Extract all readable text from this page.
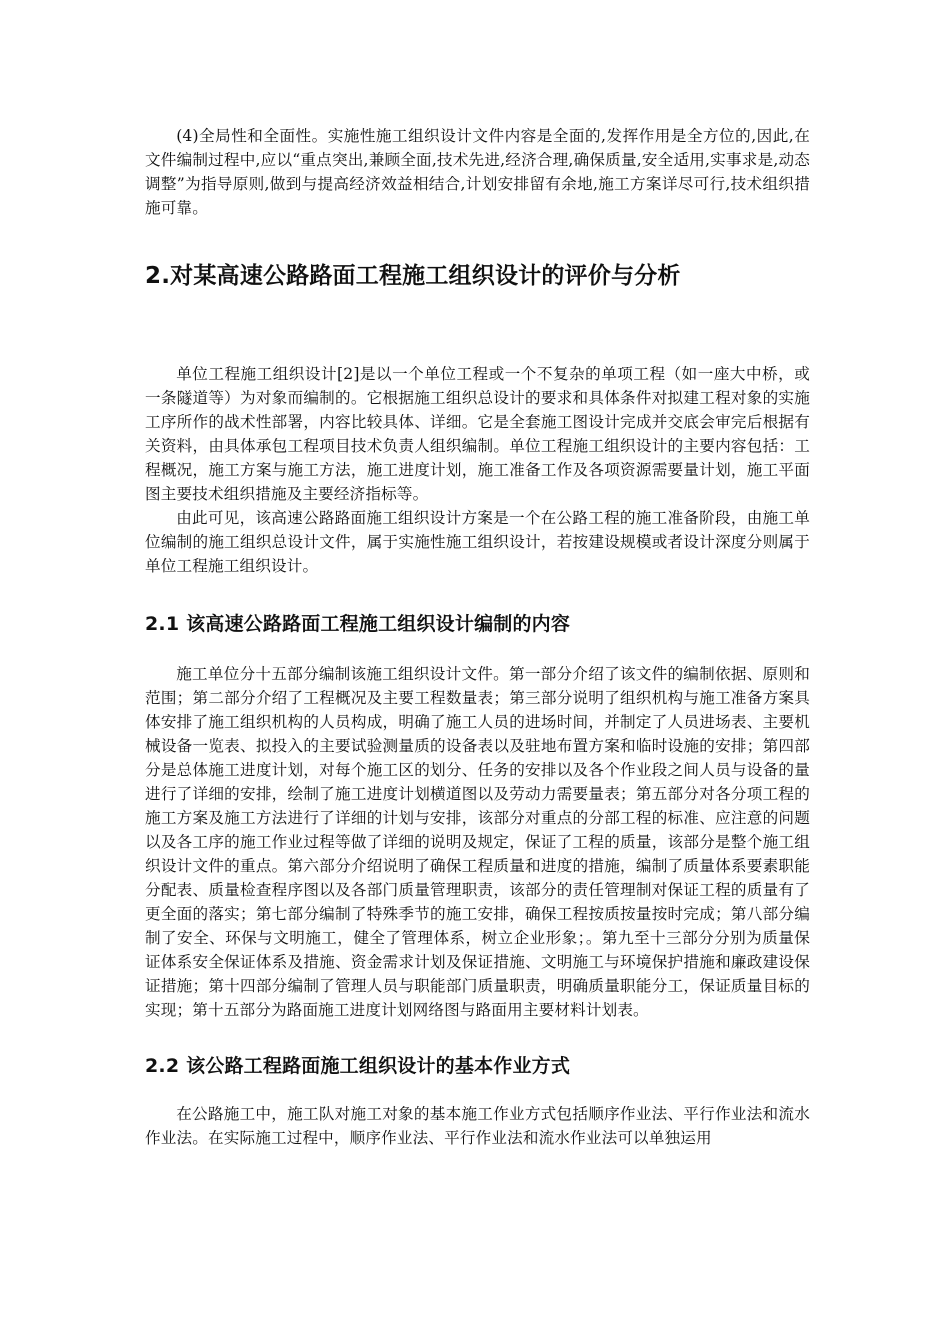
(4)全局性和全面性。实施性施工组织设计文件内容是全面的,发挥作用是全方位的,因此,在文件编制过程中,应以“重点突出,兼顾全面,技术先进,经济合理,确保质量,安全适用,实事求是,动态调整”为指导原则,做到与提高经济效益相结合,计划安排留有余地,施工方案详尽可行,技术组织措施可靠。

2.对某高速公路路面工程施工组织设计的评价与分析

单位工程施工组织设计[2]是以一个单位工程或一个不复杂的单项工程（如一座大中桥，或一条隧道等）为对象而编制的。它根据施工组织总设计的要求和具体条件对拟建工程对象的实施工序所作的战术性部署，内容比较具体、详细。它是全套施工图设计完成并交底会审完后根据有关资料，由具体承包工程项目技术负责人组织编制。单位工程施工组织设计的主要内容包括：工程概况，施工方案与施工方法，施工进度计划，施工准备工作及各项资源需要量计划，施工平面图主要技术组织措施及主要经济指标等。

由此可见，该高速公路路面施工组织设计方案是一个在公路工程的施工准备阶段，由施工单位编制的施工组织总设计文件，属于实施性施工组织设计，若按建设规模或者设计深度分则属于单位工程施工组织设计。

2.1 该高速公路路面工程施工组织设计编制的内容

施工单位分十五部分编制该施工组织设计文件。第一部分介绍了该文件的编制依据、原则和范围；第二部分介绍了工程概况及主要工程数量表；第三部分说明了组织机构与施工准备方案具体安排了施工组织机构的人员构成，明确了施工人员的进场时间，并制定了人员进场表、主要机械设备一览表、拟投入的主要试验测量质的设备表以及驻地布置方案和临时设施的安排；第四部分是总体施工进度计划，对每个施工区的划分、任务的安排以及各个作业段之间人员与设备的量进行了详细的安排，绘制了施工进度计划横道图以及劳动力需要量表；第五部分对各分项工程的施工方案及施工方法进行了详细的计划与安排，该部分对重点的分部工程的标准、应注意的问题以及各工序的施工作业过程等做了详细的说明及规定，保证了工程的质量，该部分是整个施工组织设计文件的重点。第六部分介绍说明了确保工程质量和进度的措施，编制了质量体系要素职能分配表、质量检查程序图以及各部门质量管理职责，该部分的责任管理制对保证工程的质量有了更全面的落实；第七部分编制了特殊季节的施工安排，确保工程按质按量按时完成；第八部分编制了安全、环保与文明施工，健全了管理体系，树立企业形象；。第九至十三部分分别为质量保证体系安全保证体系及措施、资金需求计划及保证措施、文明施工与环境保护措施和廉政建设保证措施；第十四部分编制了管理人员与职能部门质量职责，明确质量职能分工，保证质量目标的实现；第十五部分为路面施工进度计划网络图与路面用主要材料计划表。

2.2 该公路工程路面施工组织设计的基本作业方式

在公路施工中，施工队对施工对象的基本施工作业方式包括顺序作业法、平行作业法和流水作业法。在实际施工过程中，顺序作业法、平行作业法和流水作业法可以单独运用
